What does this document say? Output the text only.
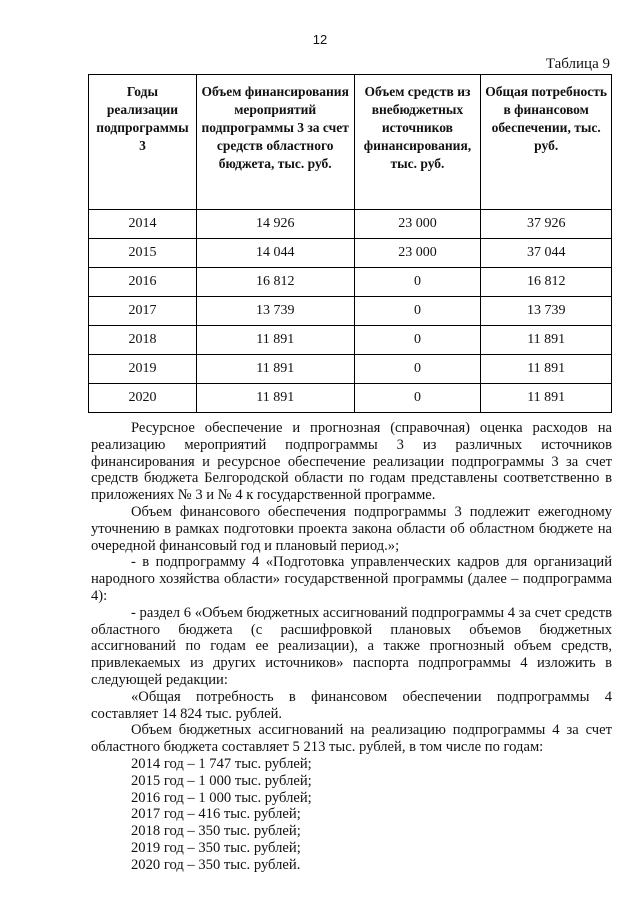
12
Таблица 9
Годы реализации подпрограммы 3	Объем финансирования мероприятий подпрограммы 3 за счет средств областного бюджета, тыс. руб.	Объем средств из внебюджетных источников финансирования, тыс. руб.	Общая потребность в финансовом обеспечении, тыс. руб.
2014	14 926	23 000	37 926
2015	14 044	23 000	37 044
2016	16 812	0	16 812
2017	13 739	0	13 739
2018	11 891	0	11 891
2019	11 891	0	11 891
2020	11 891	0	11 891

Ресурсное обеспечение и прогнозная (справочная) оценка расходов на реализацию мероприятий подпрограммы 3 из различных источников финансирования и ресурсное обеспечение реализации подпрограммы 3 за счет средств бюджета Белгородской области по годам представлены соответственно в приложениях № 3 и № 4 к государственной программе.

Объем финансового обеспечения подпрограммы 3 подлежит ежегодному уточнению в рамках подготовки проекта закона области об областном бюджете на очередной финансовый год и плановый период.»;

- в подпрограмму 4 «Подготовка управленческих кадров для организаций народного хозяйства области» государственной программы (далее – подпрограмма 4):

- раздел 6 «Объем бюджетных ассигнований подпрограммы 4 за счет средств областного бюджета (с расшифровкой плановых объемов бюджетных ассигнований по годам ее реализации), а также прогнозный объем средств, привлекаемых из других источников» паспорта подпрограммы 4 изложить в следующей редакции:

«Общая потребность в финансовом обеспечении подпрограммы 4 составляет 14 824 тыс. рублей.

Объем бюджетных ассигнований на реализацию подпрограммы 4 за счет областного бюджета составляет 5 213 тыс. рублей, в том числе по годам:

2014 год – 1 747 тыс. рублей;

2015 год – 1 000 тыс. рублей;

2016 год – 1 000 тыс. рублей;

2017 год – 416 тыс. рублей;

2018 год – 350 тыс. рублей;

2019 год – 350 тыс. рублей;

2020 год – 350 тыс. рублей.
